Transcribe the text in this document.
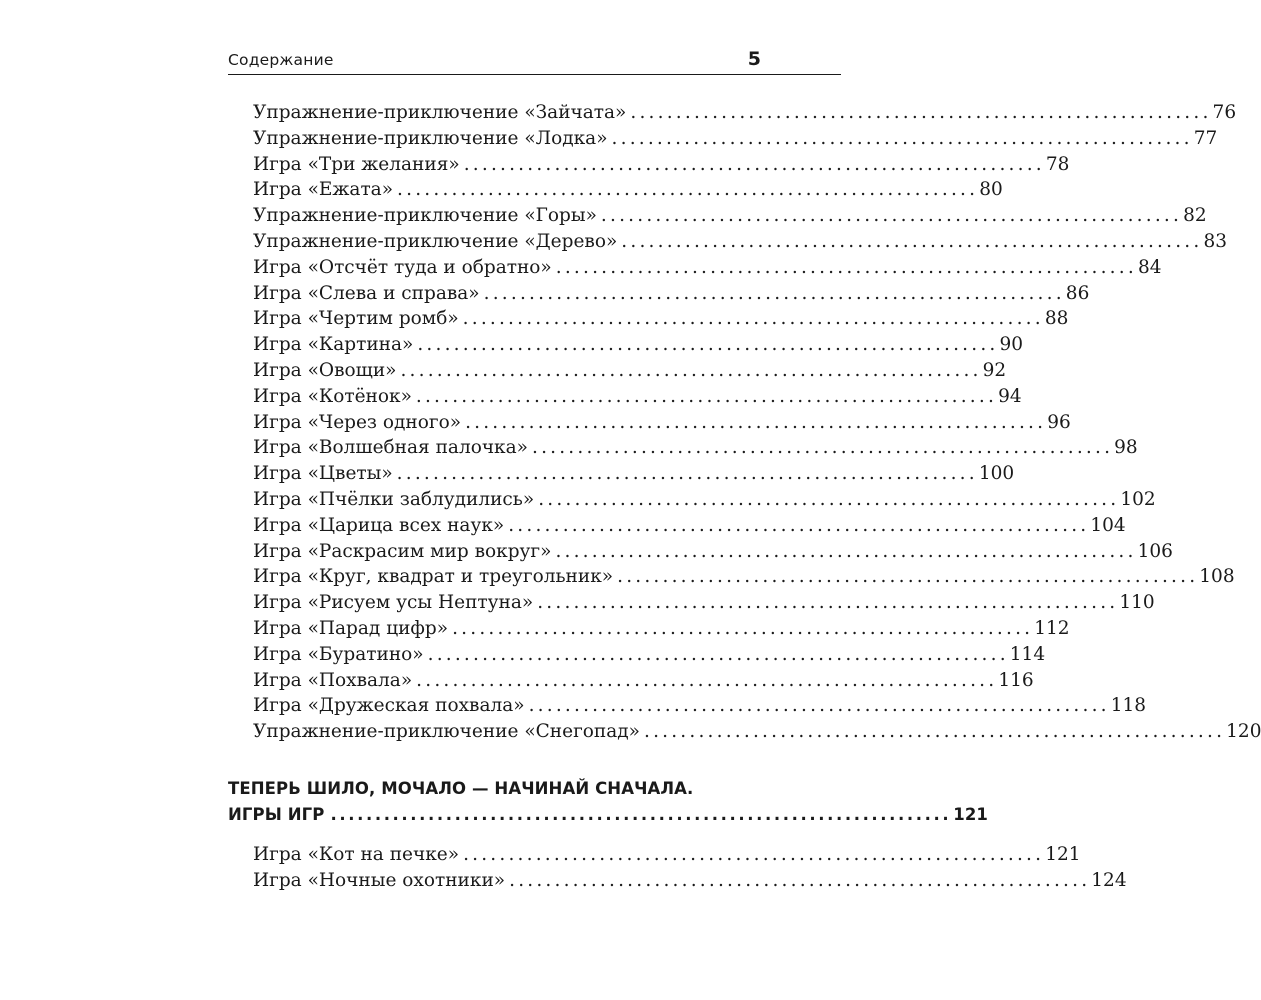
Содержание	5
Упражнение-приключение «Зайчата» ................................................................ 76
Упражнение-приключение «Лодка» ................................................................ 77
Игра «Три желания» ................................................................ 78
Игра «Ежата» ................................................................ 80
Упражнение-приключение «Горы» ................................................................ 82
Упражнение-приключение «Дерево» ................................................................ 83
Игра «Отсчёт туда и обратно» ................................................................ 84
Игра «Слева и справа» ................................................................ 86
Игра «Чертим ромб» ................................................................ 88
Игра «Картина» ................................................................ 90
Игра «Овощи» ................................................................ 92
Игра «Котёнок» ................................................................ 94
Игра «Через одного» ................................................................ 96
Игра «Волшебная палочка» ................................................................ 98
Игра «Цветы» ................................................................ 100
Игра «Пчёлки заблудились» ................................................................ 102
Игра «Царица всех наук» ................................................................ 104
Игра «Раскрасим мир вокруг» ................................................................ 106
Игра «Круг, квадрат и треугольник» ................................................................ 108
Игра «Рисуем усы Нептуна» ................................................................ 110
Игра «Парад цифр» ................................................................ 112
Игра «Буратино» ................................................................ 114
Игра «Похвала» ................................................................ 116
Игра «Дружеская похвала» ................................................................ 118
Упражнение-приключение «Снегопад» ................................................................ 120
ТЕПЕРЬ ШИЛО, МОЧАЛО — НАЧИНАЙ СНАЧАЛА.
ИГРЫ ИГР ...................................................................... 121
Игра «Кот на печке» ................................................................ 121
Игра «Ночные охотники» ................................................................ 124
